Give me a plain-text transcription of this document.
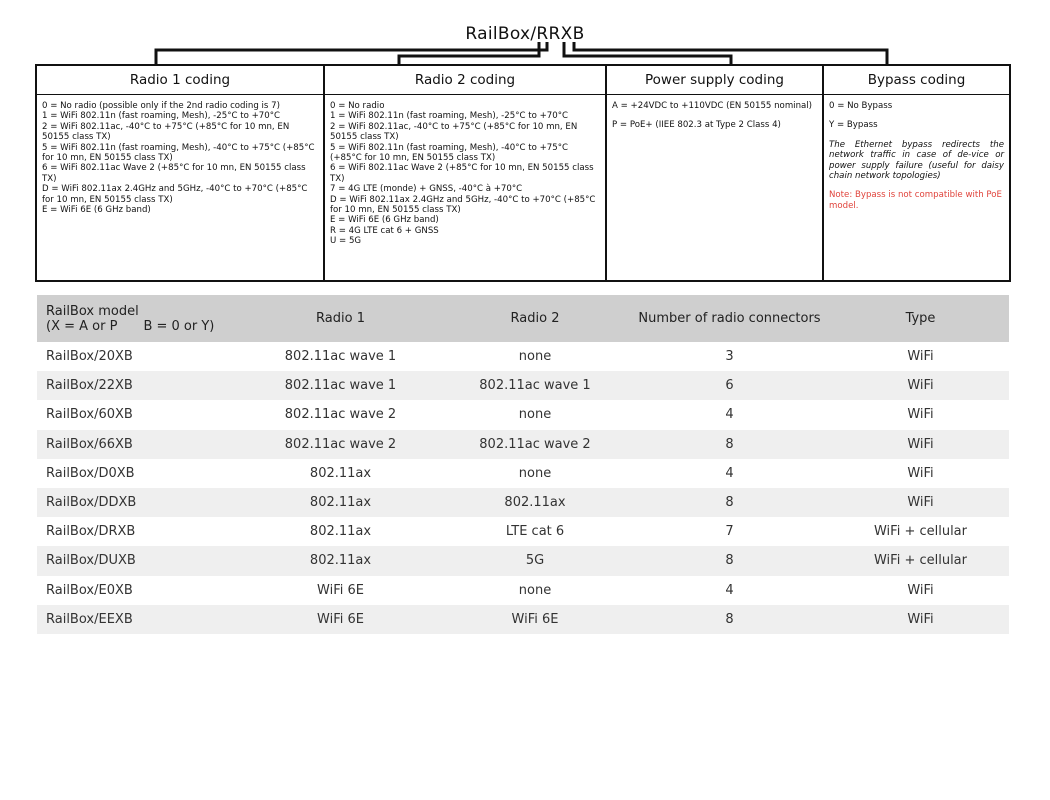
RailBox/RRXB
Radio 1 coding

0 = No radio (possible only if the 2nd radio coding is 7)

1 = WiFi 802.11n (fast roaming, Mesh), -25°C to +70°C

2 = WiFi 802.11ac, -40°C to +75°C (+85°C for 10 mn, EN 50155 class TX)

5 = WiFi 802.11n (fast roaming, Mesh), -40°C to +75°C (+85°C for 10 mn, EN 50155 class TX)

6 = WiFi 802.11ac Wave 2 (+85°C for 10 mn, EN 50155 class TX)

D = WiFi 802.11ax 2.4GHz and 5GHz, -40°C to +70°C (+85°C for 10 mn, EN 50155 class TX)

E = WiFi 6E (6 GHz band)

Radio 2 coding

0 = No radio

1 = WiFi 802.11n (fast roaming, Mesh), -25°C to +70°C

2 = WiFi 802.11ac, -40°C to +75°C (+85°C for 10 mn, EN 50155 class TX)

5 = WiFi 802.11n (fast roaming, Mesh), -40°C to +75°C (+85°C for 10 mn, EN 50155 class TX)

6 = WiFi 802.11ac Wave 2 (+85°C for 10 mn, EN 50155 class TX)

7 = 4G LTE (monde) + GNSS, -40°C à +70°C

D = WiFi 802.11ax 2.4GHz and 5GHz, -40°C to +70°C (+85°C for 10 mn, EN 50155 class TX)

E = WiFi 6E (6 GHz band)

R = 4G LTE cat 6 + GNSS

U = 5G

Power supply coding

A = +24VDC to +110VDC (EN 50155 nominal)

P = PoE+ (IIEE 802.3 at Type 2 Class 4)

Bypass coding

0 = No Bypass

Y = Bypass

The Ethernet bypass redirects the network traffic in case of de-vice or power supply failure (useful for daisy chain network topologies)

Note: Bypass is not compatible with PoE model.

RailBox model
(X = A or P B = 0 or Y)	Radio 1	Radio 2	Number of radio connectors	Type
RailBox/20XB	802.11ac wave 1	none	3	WiFi
RailBox/22XB	802.11ac wave 1	802.11ac wave 1	6	WiFi
RailBox/60XB	802.11ac wave 2	none	4	WiFi
RailBox/66XB	802.11ac wave 2	802.11ac wave 2	8	WiFi
RailBox/D0XB	802.11ax	none	4	WiFi
RailBox/DDXB	802.11ax	802.11ax	8	WiFi
RailBox/DRXB	802.11ax	LTE cat 6	7	WiFi + cellular
RailBox/DUXB	802.11ax	5G	8	WiFi + cellular
RailBox/E0XB	WiFi 6E	none	4	WiFi
RailBox/EEXB	WiFi 6E	WiFi 6E	8	WiFi
